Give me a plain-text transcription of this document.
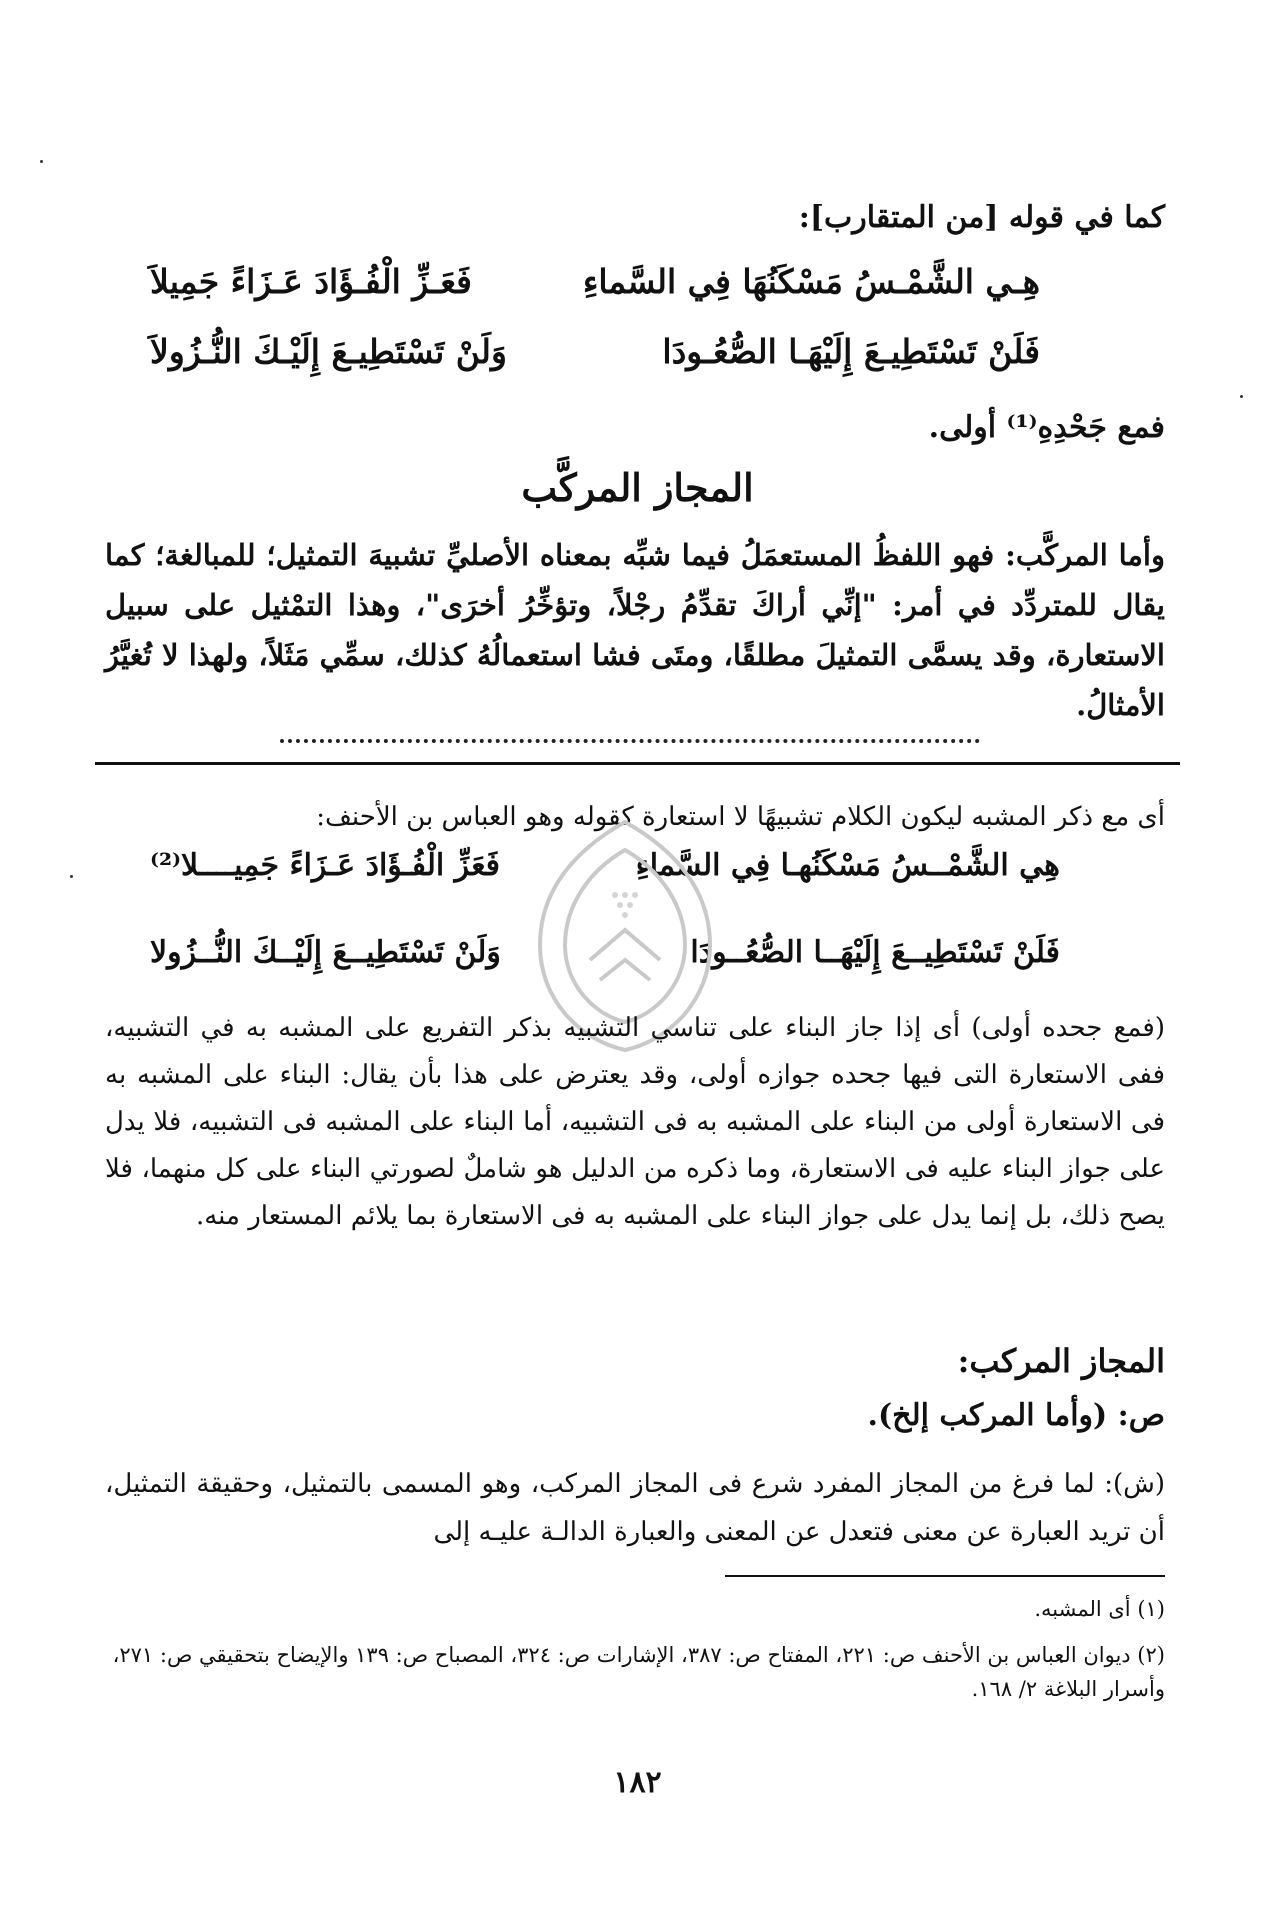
كما في قوله [من المتقارب]:
هِـي الشَّمْـسُ مَسْكَنُهَا فِي السَّماءِ
فَعَـزِّ الْفُـؤَادَ عَـزَاءً جَمِيلاَ
فَلَنْ تَسْتَطِيـعَ إِلَيْهَـا الصُّعُـودَا
وَلَنْ تَسْتَطِيـعَ إِلَيْـكَ النُّـزُولاَ
فمع جَحْدِهِ⁽¹⁾ أولى.
المجاز المركَّب
وأما المركَّب: فهو اللفظُ المستعمَلُ فيما شبِّه بمعناه الأصليِّ تشبيهَ التمثيل؛ للمبالغة؛ كما يقال للمتردِّد في أمر: "إنِّي أراكَ تقدِّمُ رجْلاً، وتؤخِّرُ أخرَى"، وهذا التمْثيل على سبيل الاستعارة، وقد يسمَّى التمثيلَ مطلقًا، ومتَى فشا استعمالُهُ كذلك، سمِّي مَثَلاً، ولهذا لا تُغيَّرُ الأمثالُ.
أى مع ذكر المشبه ليكون الكلام تشبيهًا لا استعارة كقوله وهو العباس بن الأحنف:
هِي الشَّمْــسُ مَسْكَنُهـا فِي السَّماءِ
فَعَزِّ الْفُـؤَادَ عَـزَاءً جَمِيــــلا⁽²⁾
فَلَنْ تَسْتَطِيــعَ إِلَيْهَــا الصُّعُــودَا
وَلَنْ تَسْتَطِيــعَ إِلَيْــكَ النُّــزُولا
(فمع جحده أولى) أى إذا جاز البناء على تناسي التشبيه بذكر التفريع على المشبه به في التشبيه، ففى الاستعارة التى فيها جحده جوازه أولى، وقد يعترض على هذا بأن يقال: البناء على المشبه به فى الاستعارة أولى من البناء على المشبه به فى التشبيه، أما البناء على المشبه فى التشبيه، فلا يدل على جواز البناء عليه فى الاستعارة، وما ذكره من الدليل هو شاملٌ لصورتي البناء على كل منهما، فلا يصح ذلك، بل إنما يدل على جواز البناء على المشبه به فى الاستعارة بما يلائم المستعار منه.
المجاز المركب:
ص: (وأما المركب إلخ).
(ش): لما فرغ من المجاز المفرد شرع فى المجاز المركب، وهو المسمى بالتمثيل، وحقيقة التمثيل، أن تريد العبارة عن معنى فتعدل عن المعنى والعبارة الدالـة عليـه إلى
(١) أى المشبه.
(٢) ديوان العباس بن الأحنف ص: ٢٢١، المفتاح ص: ٣٨٧، الإشارات ص: ٣٢٤، المصباح ص: ١٣٩ والإيضاح بتحقيقي ص: ٢٧١، وأسرار البلاغة ٢/ ١٦٨.
١٨٢
